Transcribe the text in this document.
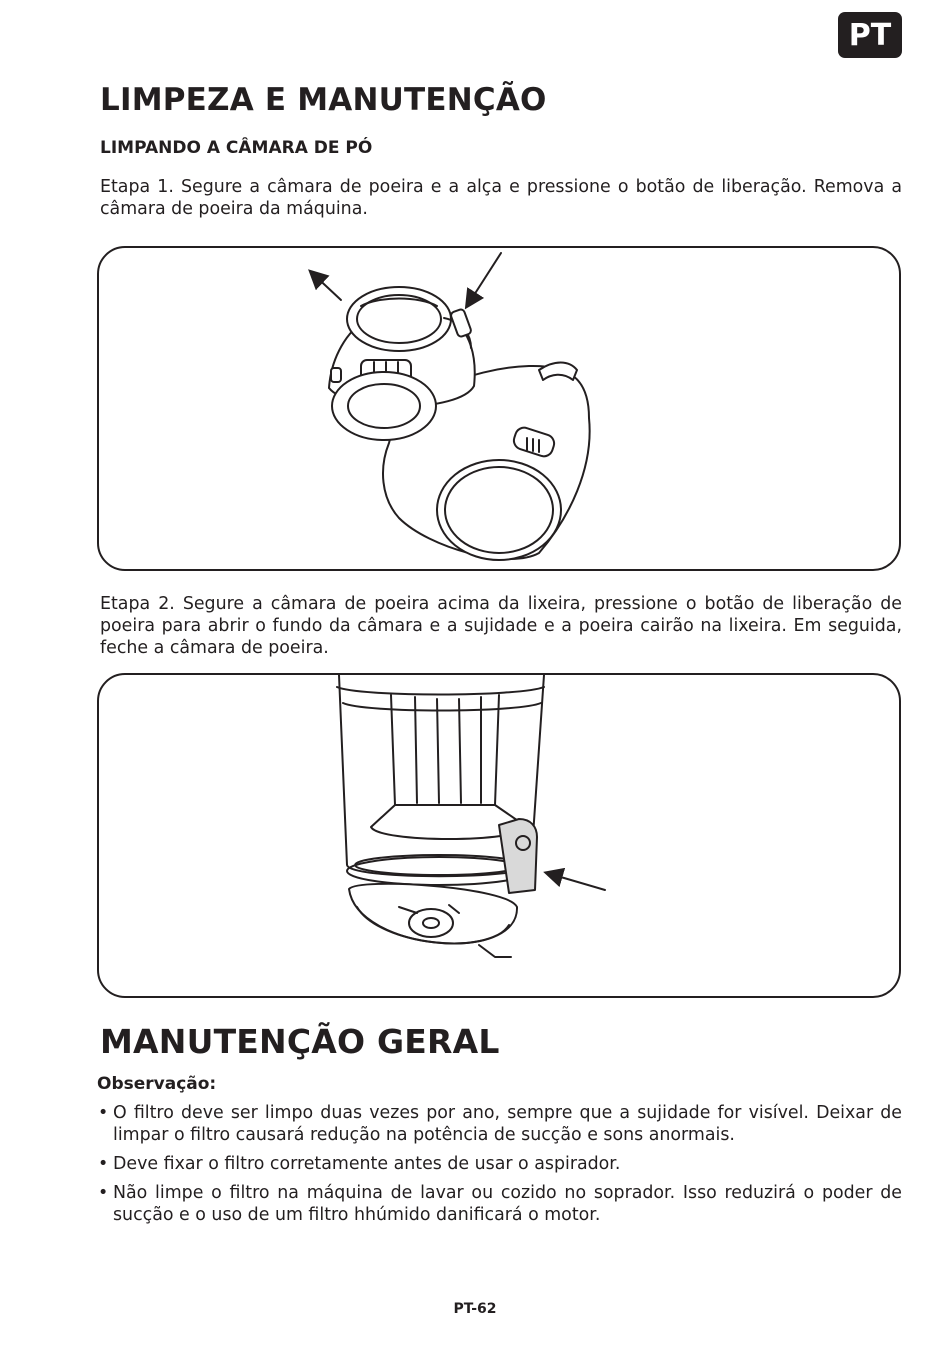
PT
LIMPEZA E MANUTENÇÃO
LIMPANDO A CÂMARA DE PÓ

Etapa 1. Segure a câmara de poeira e a alça e pressione o botão de liberação. Remova a câmara de poeira da máquina.

Etapa 2. Segure a câmara de poeira acima da lixeira, pressione o botão de liberação de poeira para abrir o fundo da câmara e a sujidade e a poeira cairão na lixeira. Em seguida, feche a câmara de poeira.

MANUTENÇÃO GERAL
Observação:
• O filtro deve ser limpo duas vezes por ano, sempre que a sujidade for visível. Deixar de limpar o filtro causará redução na potência de sucção e sons anormais.
• Deve fixar o filtro corretamente antes de usar o aspirador.
• Não limpe o filtro na máquina de lavar ou cozido no soprador. Isso reduzirá o poder de sucção e o uso de um filtro hhúmido danificará o motor.
PT-62
